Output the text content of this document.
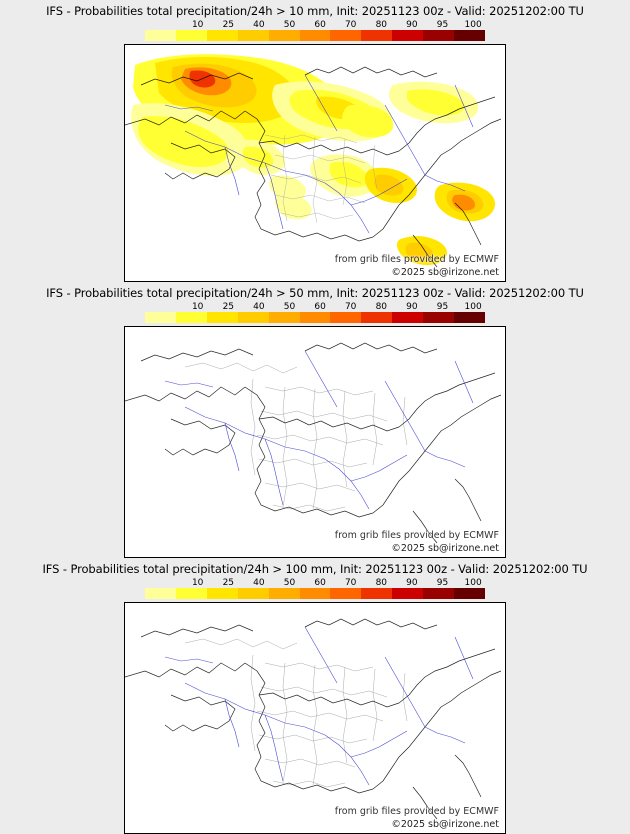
IFS - Probabilities total precipitation/24h > 10 mm, Init: 20251123 00z - Valid: 20251202:00 TU
10 25 40 50 60 70 80 90 95 100
from grib files provided by ECMWF
©2025 sb@irizone.net
IFS - Probabilities total precipitation/24h > 50 mm, Init: 20251123 00z - Valid: 20251202:00 TU
10 25 40 50 60 70 80 90 95 100
from grib files provided by ECMWF
©2025 sb@irizone.net
IFS - Probabilities total precipitation/24h > 100 mm, Init: 20251123 00z - Valid: 20251202:00 TU
10 25 40 50 60 70 80 90 95 100
from grib files provided by ECMWF
©2025 sb@irizone.net
